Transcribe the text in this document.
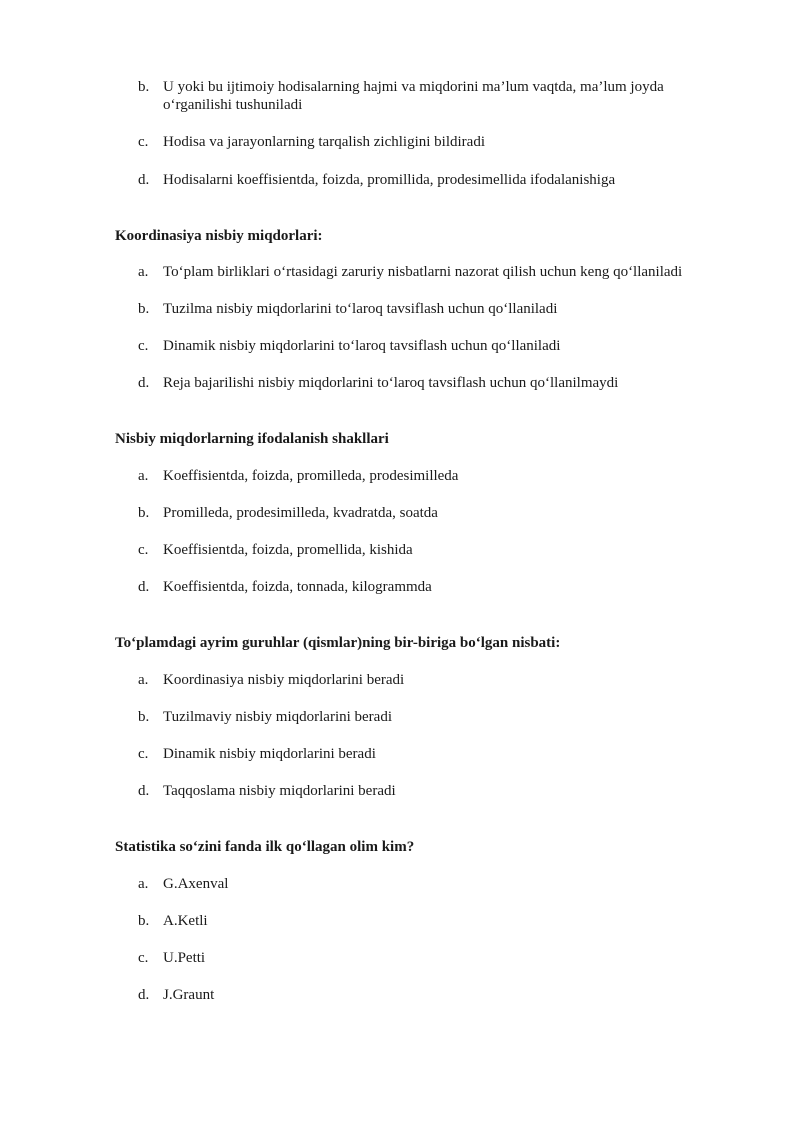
b. U yoki bu ijtimoiy hodisalarning hajmi va miqdorini ma’lum vaqtda, ma’lum joyda o‘rganilishi tushuniladi
c. Hodisa va jarayonlarning tarqalish zichligini bildiradi
d. Hodisalarni koeffisientda, foizda, promillida, prodesimellida ifodalanishiga
Koordinasiya nisbiy miqdorlari:
a. To‘plam birliklari o‘rtasidagi zaruriy nisbatlarni nazorat qilish uchun keng qo‘llaniladi
b. Tuzilma nisbiy miqdorlarini to‘laroq tavsiflash uchun qo‘llaniladi
c. Dinamik nisbiy miqdorlarini to‘laroq tavsiflash uchun qo‘llaniladi
d. Reja bajarilishi nisbiy miqdorlarini to‘laroq tavsiflash uchun qo‘llanilmaydi
Nisbiy miqdorlarning ifodalanish shakllari
a. Koeffisientda, foizda, promilleda, prodesimilleda
b. Promilleda, prodesimilleda, kvadratda, soatda
c. Koeffisientda, foizda, promellida, kishida
d. Koeffisientda, foizda, tonnada, kilogrammda
To‘plamdagi ayrim guruhlar (qismlar)ning bir-biriga bo‘lgan nisbati:
a. Koordinasiya nisbiy miqdorlarini beradi
b. Tuzilmaviy nisbiy miqdorlarini beradi
c. Dinamik nisbiy miqdorlarini beradi
d. Taqqoslama nisbiy miqdorlarini beradi
Statistika so‘zini fanda ilk qo‘llagan olim kim?
a. G.Axenval
b. A.Ketli
c. U.Petti
d. J.Graunt
